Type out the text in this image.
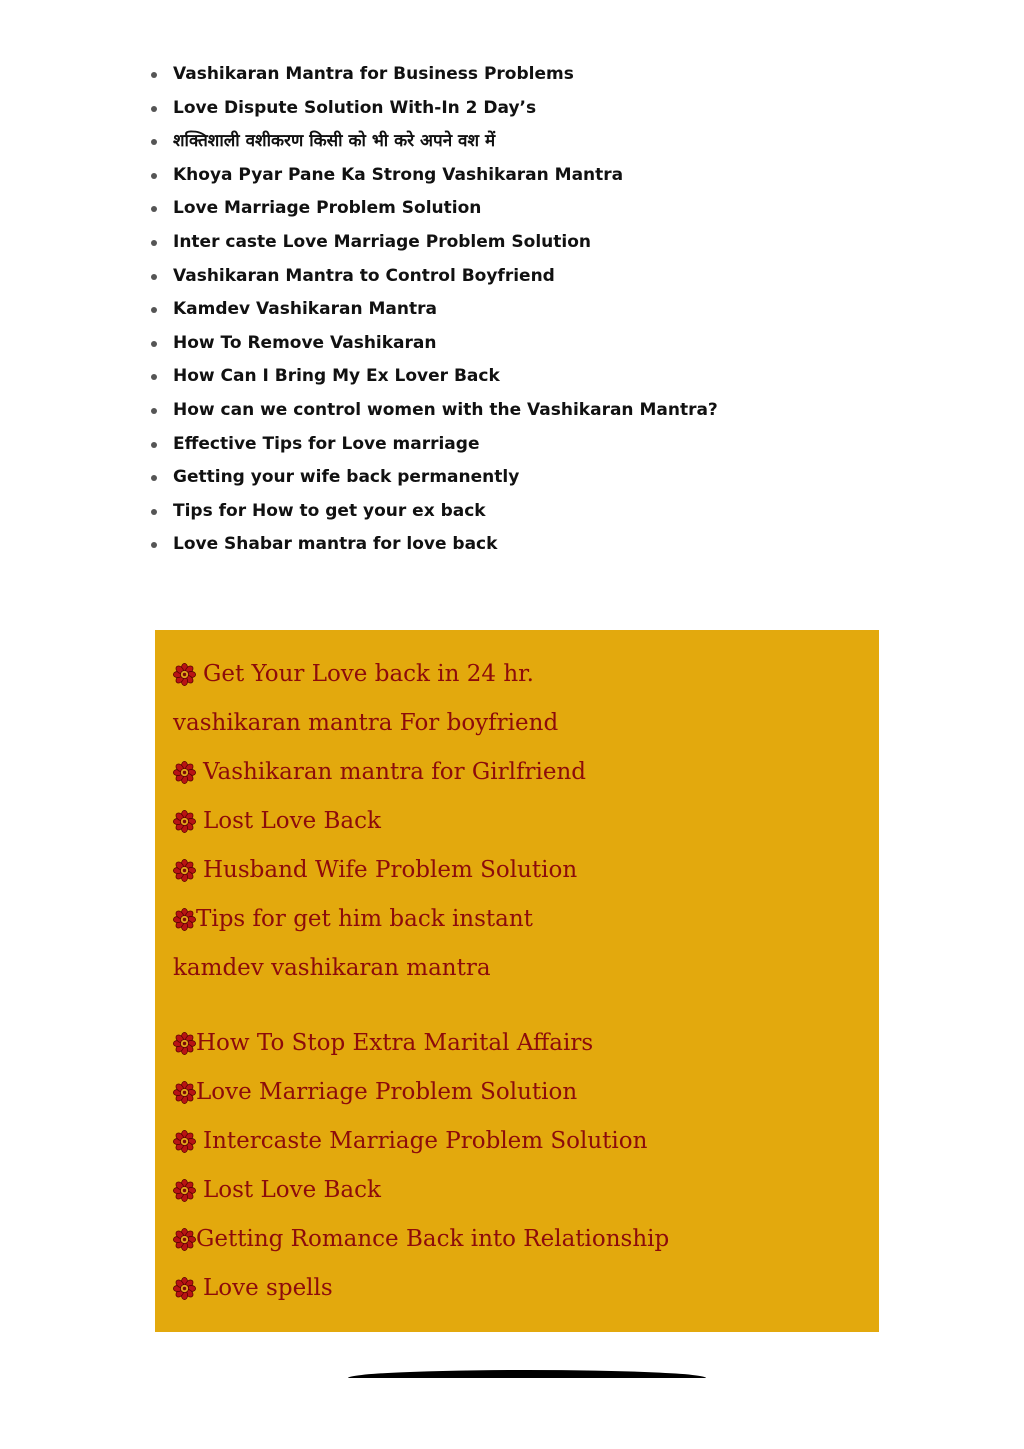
Vashikaran Mantra for Business Problems
Love Dispute Solution With-In 2 Day’s
शक्तिशाली वशीकरण किसी को भी करे अपने वश में
Khoya Pyar Pane Ka Strong Vashikaran Mantra
Love Marriage Problem Solution
Inter caste Love Marriage Problem Solution
Vashikaran Mantra to Control Boyfriend
Kamdev Vashikaran Mantra
How To Remove Vashikaran
How Can I Bring My Ex Lover Back
How can we control women with the Vashikaran Mantra?
Effective Tips for Love marriage
Getting your wife back permanently
Tips for How to get your ex back
Love Shabar mantra for love back
Get Your Love back in 24 hr.
vashikaran mantra For boyfriend
Vashikaran mantra for Girlfriend
Lost Love Back
Husband Wife Problem Solution
Tips for get him back instant
kamdev vashikaran mantra
How To Stop Extra Marital Affairs
Love Marriage Problem Solution
Intercaste Marriage Problem Solution
Lost Love Back
Getting Romance Back into Relationship
Love spells
